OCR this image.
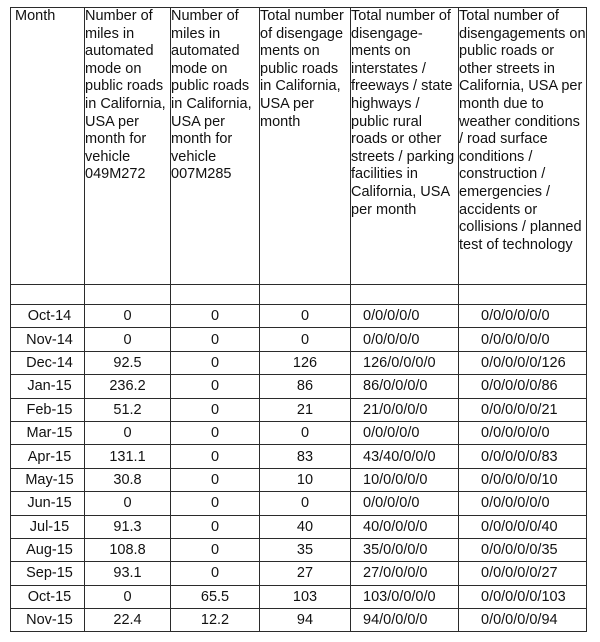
Month	Number of miles in automated mode on public roads in California, USA per month for vehicle 049M272	Number of miles in automated mode on public roads in California, USA per month for vehicle 007M285	Total number of disengage ments on public roads in California, USA per month	Total number of disengage- ments on interstates / freeways / state highways / public rural roads or other streets / parking facilities in California, USA per month	Total number of disengagements on public roads or other streets in California, USA per month due to weather conditions / road surface conditions / construction / emergencies / accidents or collisions / planned test of technology

Oct-14	0	0	0	0/0/0/0/0	0/0/0/0/0/0
Nov-14	0	0	0	0/0/0/0/0	0/0/0/0/0/0
Dec-14	92.5	0	126	126/0/0/0/0	0/0/0/0/0/126
Jan-15	236.2	0	86	86/0/0/0/0	0/0/0/0/0/86
Feb-15	51.2	0	21	21/0/0/0/0	0/0/0/0/0/21
Mar-15	0	0	0	0/0/0/0/0	0/0/0/0/0/0
Apr-15	131.1	0	83	43/40/0/0/0	0/0/0/0/0/83
May-15	30.8	0	10	10/0/0/0/0	0/0/0/0/0/10
Jun-15	0	0	0	0/0/0/0/0	0/0/0/0/0/0
Jul-15	91.3	0	40	40/0/0/0/0	0/0/0/0/0/40
Aug-15	108.8	0	35	35/0/0/0/0	0/0/0/0/0/35
Sep-15	93.1	0	27	27/0/0/0/0	0/0/0/0/0/27
Oct-15	0	65.5	103	103/0/0/0/0	0/0/0/0/0/103
Nov-15	22.4	12.2	94	94/0/0/0/0	0/0/0/0/0/94
